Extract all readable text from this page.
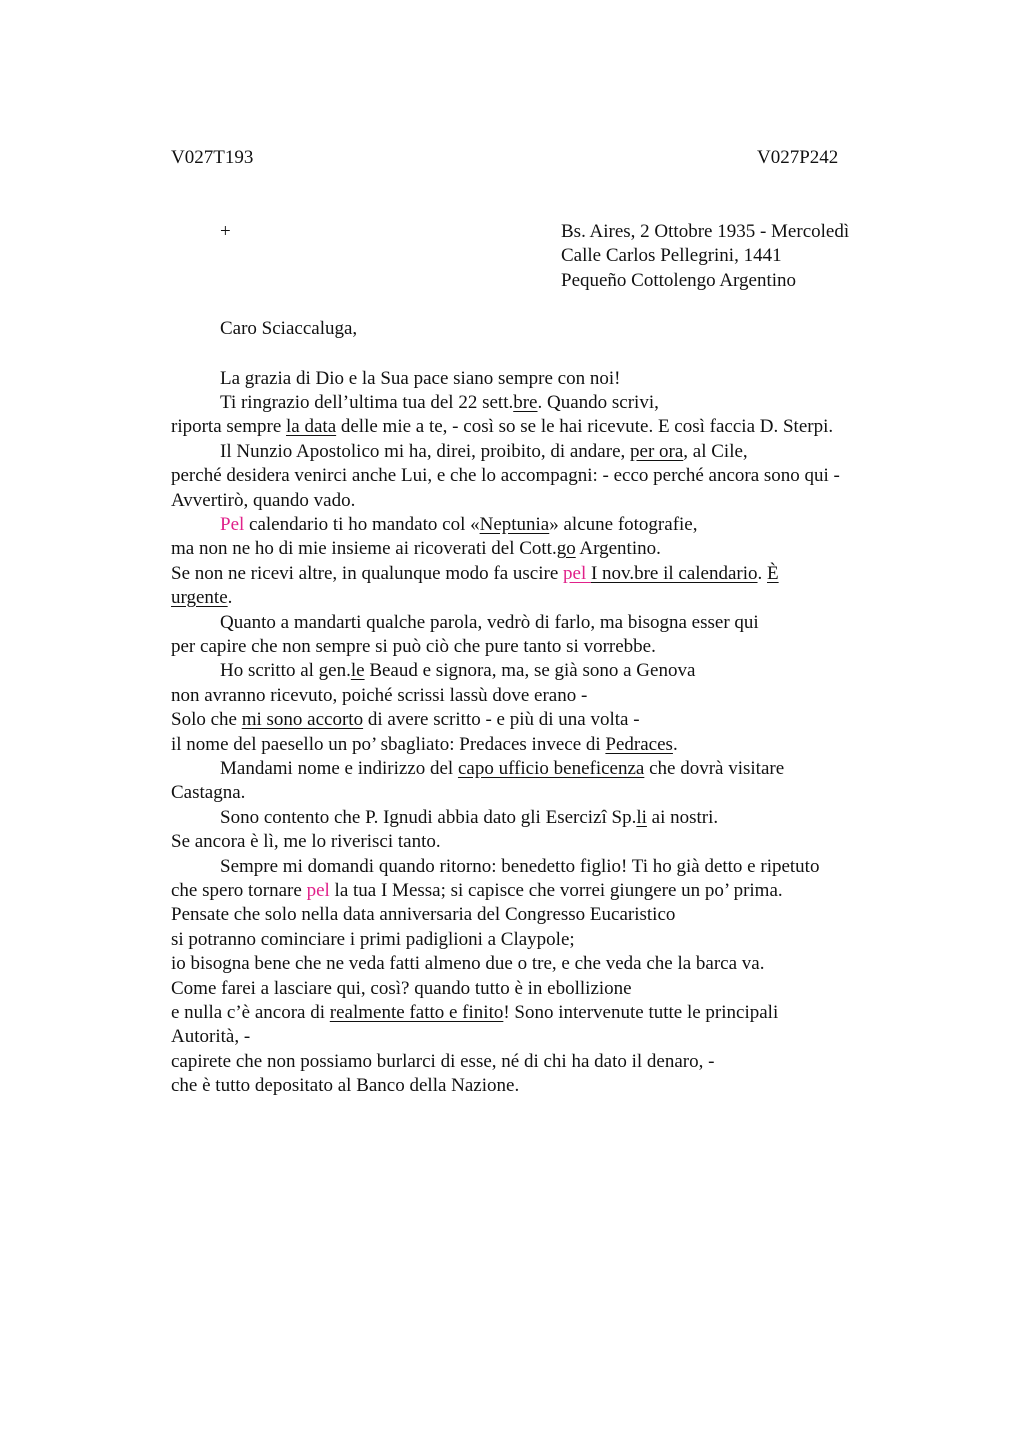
V027T193	V027P242
+	Bs. Aires, 2 Ottobre 1935 - Mercoledì
Calle Carlos Pellegrini, 1441
Pequeño Cottolengo Argentino
Caro Sciaccaluga,
La grazia di Dio e la Sua pace siano sempre con noi!
Ti ringrazio dell’ultima tua del 22 sett.bre. Quando scrivi,
riporta sempre la data delle mie a te, - così so se le hai ricevute. E così faccia D. Sterpi.
Il Nunzio Apostolico mi ha, direi, proibito, di andare, per ora, al Cile,
perché desidera venirci anche Lui, e che lo accompagni: - ecco perché ancora sono qui -
Avvertirò, quando vado.
Pel calendario ti ho mandato col «Neptunia» alcune fotografie,
ma non ne ho di mie insieme ai ricoverati del Cott.go Argentino.
Se non ne ricevi altre, in qualunque modo fa uscire pel I nov.bre il calendario. È
urgente.
Quanto a mandarti qualche parola, vedrò di farlo, ma bisogna esser qui
per capire che non sempre si può ciò che pure tanto si vorrebbe.
Ho scritto al gen.le Beaud e signora, ma, se già sono a Genova
non avranno ricevuto, poiché scrissi lassù dove erano -
Solo che mi sono accorto di avere scritto - e più di una volta -
il nome del paesello un po’ sbagliato: Predaces invece di Pedraces.
Mandami nome e indirizzo del capo ufficio beneficenza che dovrà visitare
Castagna.
Sono contento che P. Ignudi abbia dato gli Esercizî Sp.li ai nostri.
Se ancora è lì, me lo riverisci tanto.
Sempre mi domandi quando ritorno: benedetto figlio! Ti ho già detto e ripetuto
che spero tornare pel la tua I Messa; si capisce che vorrei giungere un po’ prima.
Pensate che solo nella data anniversaria del Congresso Eucaristico
si potranno cominciare i primi padiglioni a Claypole;
io bisogna bene che ne veda fatti almeno due o tre, e che veda che la barca va.
Come farei a lasciare qui, così? quando tutto è in ebollizione
e nulla c’è ancora di realmente fatto e finito! Sono intervenute tutte le principali
Autorità, -
capirete che non possiamo burlarci di esse, né di chi ha dato il denaro, -
che è tutto depositato al Banco della Nazione.
